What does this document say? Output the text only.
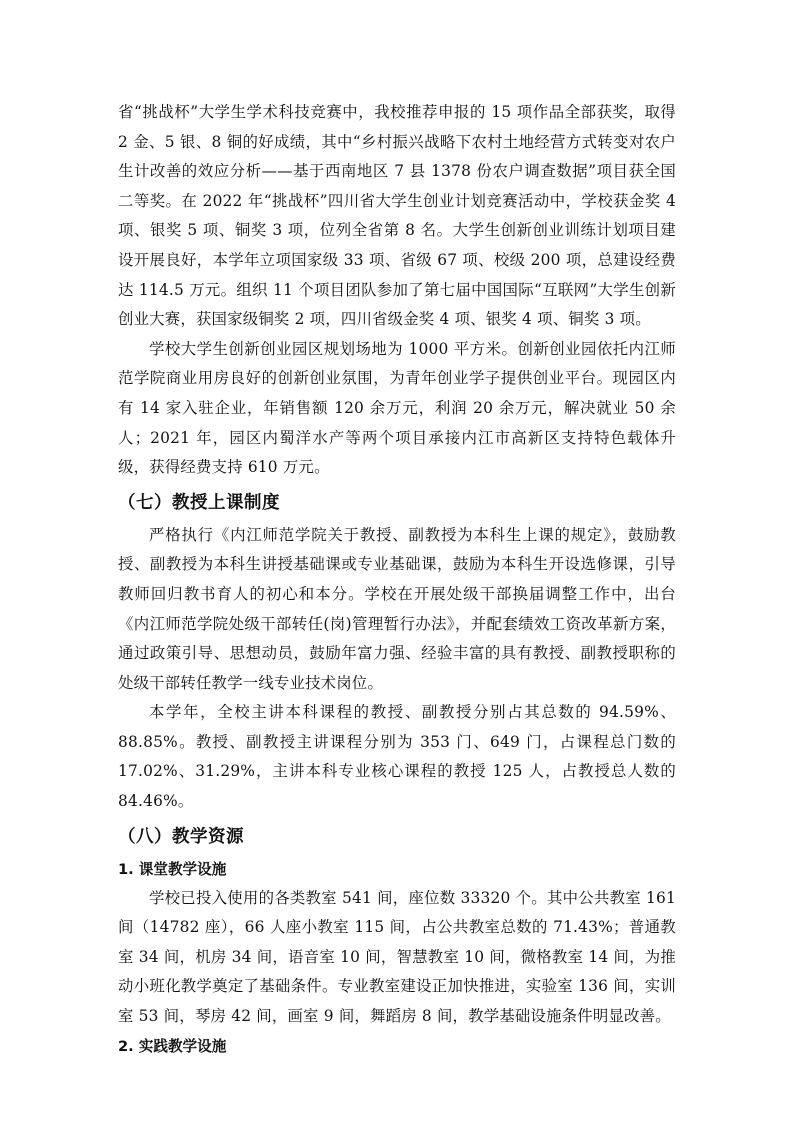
省“挑战杯”大学生学术科技竞赛中，我校推荐申报的 15 项作品全部获奖，取得 2 金、5 银、8 铜的好成绩，其中“乡村振兴战略下农村土地经营方式转变对农户生计改善的效应分析——基于西南地区 7 县 1378 份农户调查数据”项目获全国二等奖。在 2022 年“挑战杯”四川省大学生创业计划竞赛活动中，学校获金奖 4 项、银奖 5 项、铜奖 3 项，位列全省第 8 名。大学生创新创业训练计划项目建设开展良好，本学年立项国家级 33 项、省级 67 项、校级 200 项，总建设经费达 114.5 万元。组织 11 个项目团队参加了第七届中国国际“互联网”大学生创新创业大赛，获国家级铜奖 2 项，四川省级金奖 4 项、银奖 4 项、铜奖 3 项。

学校大学生创新创业园区规划场地为 1000 平方米。创新创业园依托内江师范学院商业用房良好的创新创业氛围，为青年创业学子提供创业平台。现园区内有 14 家入驻企业，年销售额 120 余万元，利润 20 余万元，解决就业 50 余人；2021 年，园区内蜀洋水产等两个项目承接内江市高新区支持特色载体升级，获得经费支持 610 万元。

（七）教授上课制度

严格执行《内江师范学院关于教授、副教授为本科生上课的规定》，鼓励教授、副教授为本科生讲授基础课或专业基础课，鼓励为本科生开设选修课，引导教师回归教书育人的初心和本分。学校在开展处级干部换届调整工作中，出台《内江师范学院处级干部转任(岗)管理暂行办法》，并配套绩效工资改革新方案，通过政策引导、思想动员，鼓励年富力强、经验丰富的具有教授、副教授职称的处级干部转任教学一线专业技术岗位。

本学年，全校主讲本科课程的教授、副教授分别占其总数的 94.59%、88.85%。教授、副教授主讲课程分别为 353 门、649 门，占课程总门数的 17.02%、31.29%，主讲本科专业核心课程的教授 125 人，占教授总人数的 84.46%。

（八）教学资源
1. 课堂教学设施

学校已投入使用的各类教室 541 间，座位数 33320 个。其中公共教室 161 间（14782 座），66 人座小教室 115 间，占公共教室总数的 71.43%；普通教室 34 间，机房 34 间，语音室 10 间，智慧教室 10 间，微格教室 14 间，为推动小班化教学奠定了基础条件。专业教室建设正加快推进，实验室 136 间，实训室 53 间，琴房 42 间，画室 9 间，舞蹈房 8 间，教学基础设施条件明显改善。

2. 实践教学设施
